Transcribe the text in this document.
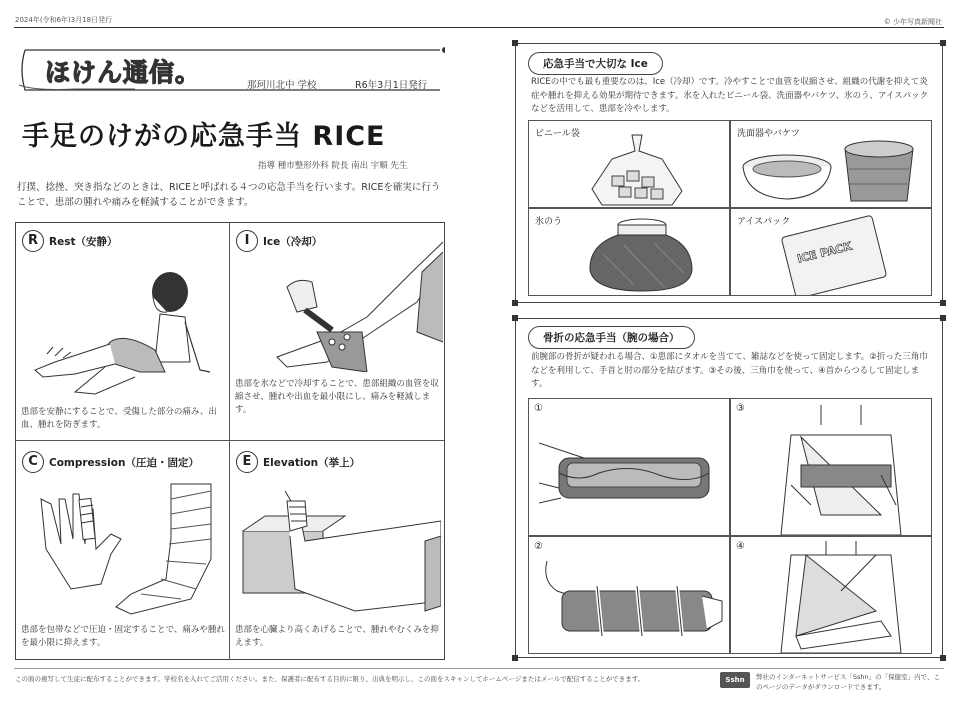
2024年(令和6年)3月18日発行	© 少年写真新聞社
ほけん通信。	那珂川北中 学校	R6年3月1日発行
手足のけがの応急手当 RICE
指導 種市整形外科 院長 南出 宇順 先生
打撲、捻挫、突き指などのときは、RICEと呼ばれる４つの応急手当を行います。RICEを確実に行うことで、患部の腫れや痛みを軽減することができます。
R	Rest（安静）
患部を安静にすることで、受傷した部分の痛み、出血、腫れを防ぎます。
I	Ice（冷却）
患部を氷などで冷却することで、患部組織の血管を収縮させ、腫れや出血を最小限にし、痛みを軽減します。
C	Compression（圧迫・固定）
患部を包帯などで圧迫・固定することで、痛みや腫れを最小限に抑えます。
E	Elevation（挙上）
患部を心臓より高くあげることで、腫れやむくみを抑えます。
応急手当で大切な Ice
RICEの中でも最も重要なのは、Ice（冷却）です。冷やすことで血管を収縮させ、組織の代謝を抑えて炎症や腫れを抑える効果が期待できます。氷を入れたビニール袋、洗面器やバケツ、氷のう、アイスパックなどを活用して、患部を冷やします。
ビニール袋	洗面器やバケツ
氷のう	アイスパック
ICE PACK
骨折の応急手当（腕の場合）
前腕部の骨折が疑われる場合、①患部にタオルを当てて、雑誌などを使って固定します。②折った三角巾などを利用して、手首と肘の部分を結びます。③その後、三角巾を使って、④首からつるして固定します。
①	③
②	④
この面の複写して生徒に配布することができます。学校名を入れてご活用ください。また、保護者に配布する目的に限り、出典を明示し、この面をスキャンしてホームページまたはメールで配信することができます。	Sshn	弊社のインターネットサービス「Sshn」の「保健室」内で、このページのデータがダウンロードできます。
